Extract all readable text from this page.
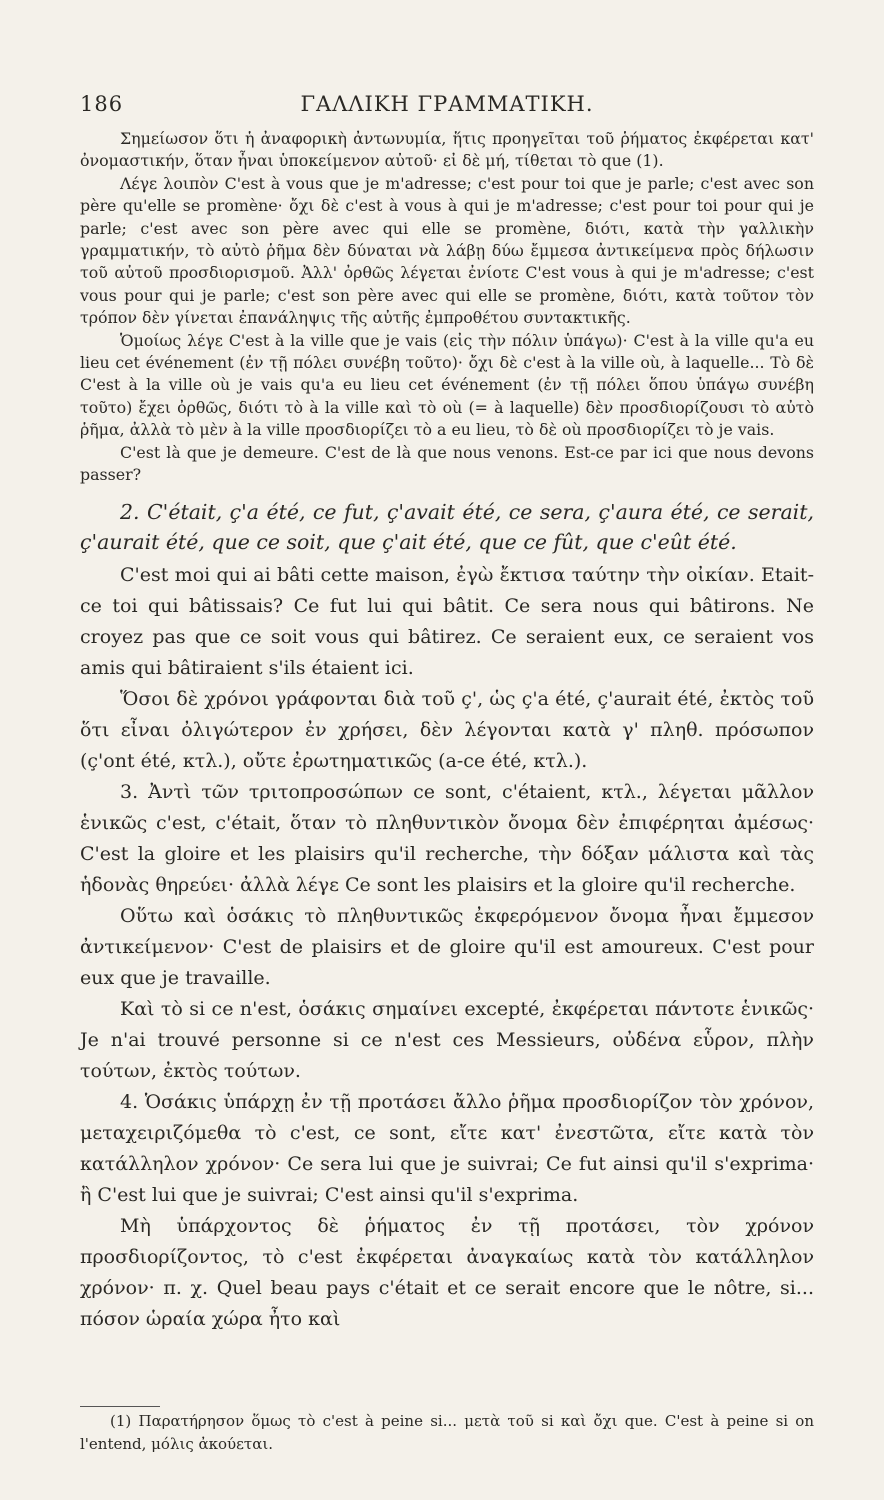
186	ΓΑΛΛΙΚΗ ΓΡΑΜΜΑΤΙΚΗ.

Σημείωσον ὅτι ἡ ἀναφορικὴ ἀντωνυμία, ἥτις προηγεῖται τοῦ ῥήματος ἐκφέρεται κατ' ὀνομαστικήν, ὅταν ἦναι ὑποκείμενον αὐτοῦ· εἰ δὲ μή, τίθεται τὸ que (1).

Λέγε λοιπὸν C'est à vous que je m'adresse; c'est pour toi que je parle; c'est avec son père qu'elle se promène· ὄχι δὲ c'est à vous à qui je m'adresse; c'est pour toi pour qui je parle; c'est avec son père avec qui elle se promène, διότι, κατὰ τὴν γαλλικὴν γραμματικήν, τὸ αὐτὸ ῥῆμα δὲν δύναται νὰ λάβῃ δύω ἔμμεσα ἀντικείμενα πρὸς δήλωσιν τοῦ αὐτοῦ προσδιορισμοῦ. Ἀλλ' ὀρθῶς λέγεται ἐνίοτε C'est vous à qui je m'adresse; c'est vous pour qui je parle; c'est son père avec qui elle se promène, διότι, κατὰ τοῦτον τὸν τρόπον δὲν γίνεται ἐπανάληψις τῆς αὐτῆς ἐμπροθέτου συντακτικῆς.

Ὁμοίως λέγε C'est à la ville que je vais (εἰς τὴν πόλιν ὑπάγω)· C'est à la ville qu'a eu lieu cet événement (ἐν τῇ πόλει συνέβη τοῦτο)· ὄχι δὲ c'est à la ville où, à laquelle... Τὸ δὲ C'est à la ville où je vais qu'a eu lieu cet événement (ἐν τῇ πόλει ὅπου ὑπάγω συνέβη τοῦτο) ἔχει ὀρθῶς, διότι τὸ à la ville καὶ τὸ où (= à laquelle) δὲν προσδιορίζουσι τὸ αὐτὸ ῥῆμα, ἀλλὰ τὸ μὲν à la ville προσδιορίζει τὸ a eu lieu, τὸ δὲ où προσδιορίζει τὸ je vais.

C'est là que je demeure. C'est de là que nous venons. Est-ce par ici que nous devons passer?

2. C'était, ç'a été, ce fut, ç'avait été, ce sera, ç'aura été, ce serait, ç'aurait été, que ce soit, que ç'ait été, que ce fût, que c'eût été.

C'est moi qui ai bâti cette maison, ἐγὼ ἔκτισα ταύτην τὴν οἰκίαν. Etait-ce toi qui bâtissais? Ce fut lui qui bâtit. Ce sera nous qui bâtirons. Ne croyez pas que ce soit vous qui bâtirez. Ce seraient eux, ce seraient vos amis qui bâtiraient s'ils étaient ici.

Ὅσοι δὲ χρόνοι γράφονται διὰ τοῦ ç', ὡς ç'a été, ç'aurait été, ἐκτὸς τοῦ ὅτι εἶναι ὀλιγώτερον ἐν χρήσει, δὲν λέγονται κατὰ γ' πληθ. πρόσωπον (ç'ont été, κτλ.), οὔτε ἐρωτηματικῶς (a-ce été, κτλ.).

3. Ἀντὶ τῶν τριτοπροσώπων ce sont, c'étaient, κτλ., λέγεται μᾶλλον ἑνικῶς c'est, c'était, ὅταν τὸ πληθυντικὸν ὄνομα δὲν ἐπιφέρηται ἀμέσως· C'est la gloire et les plaisirs qu'il recherche, τὴν δόξαν μάλιστα καὶ τὰς ἡδονὰς θηρεύει· ἀλλὰ λέγε Ce sont les plaisirs et la gloire qu'il recherche.

Οὕτω καὶ ὁσάκις τὸ πληθυντικῶς ἐκφερόμενον ὄνομα ἦναι ἔμμεσον ἀντικείμενον· C'est de plaisirs et de gloire qu'il est amoureux. C'est pour eux que je travaille.

Καὶ τὸ si ce n'est, ὁσάκις σημαίνει excepté, ἐκφέρεται πάντοτε ἑνικῶς· Je n'ai trouvé personne si ce n'est ces Messieurs, οὐδένα εὗρον, πλὴν τούτων, ἐκτὸς τούτων.

4. Ὁσάκις ὑπάρχῃ ἐν τῇ προτάσει ἄλλο ῥῆμα προσδιορίζον τὸν χρόνον, μεταχειριζόμεθα τὸ c'est, ce sont, εἴτε κατ' ἐνεστῶτα, εἴτε κατὰ τὸν κατάλληλον χρόνον· Ce sera lui que je suivrai; Ce fut ainsi qu'il s'exprima· ἢ C'est lui que je suivrai; C'est ainsi qu'il s'exprima.

Μὴ ὑπάρχοντος δὲ ῥήματος ἐν τῇ προτάσει, τὸν χρόνον προσδιορίζοντος, τὸ c'est ἐκφέρεται ἀναγκαίως κατὰ τὸν κατάλληλον χρόνον· π. χ. Quel beau pays c'était et ce serait encore que le nôtre, si... πόσον ὡραία χώρα ἦτο καὶ

(1) Παρατήρησον ὅμως τὸ c'est à peine si... μετὰ τοῦ si καὶ ὄχι que. C'est à peine si on l'entend, μόλις ἀκούεται.
